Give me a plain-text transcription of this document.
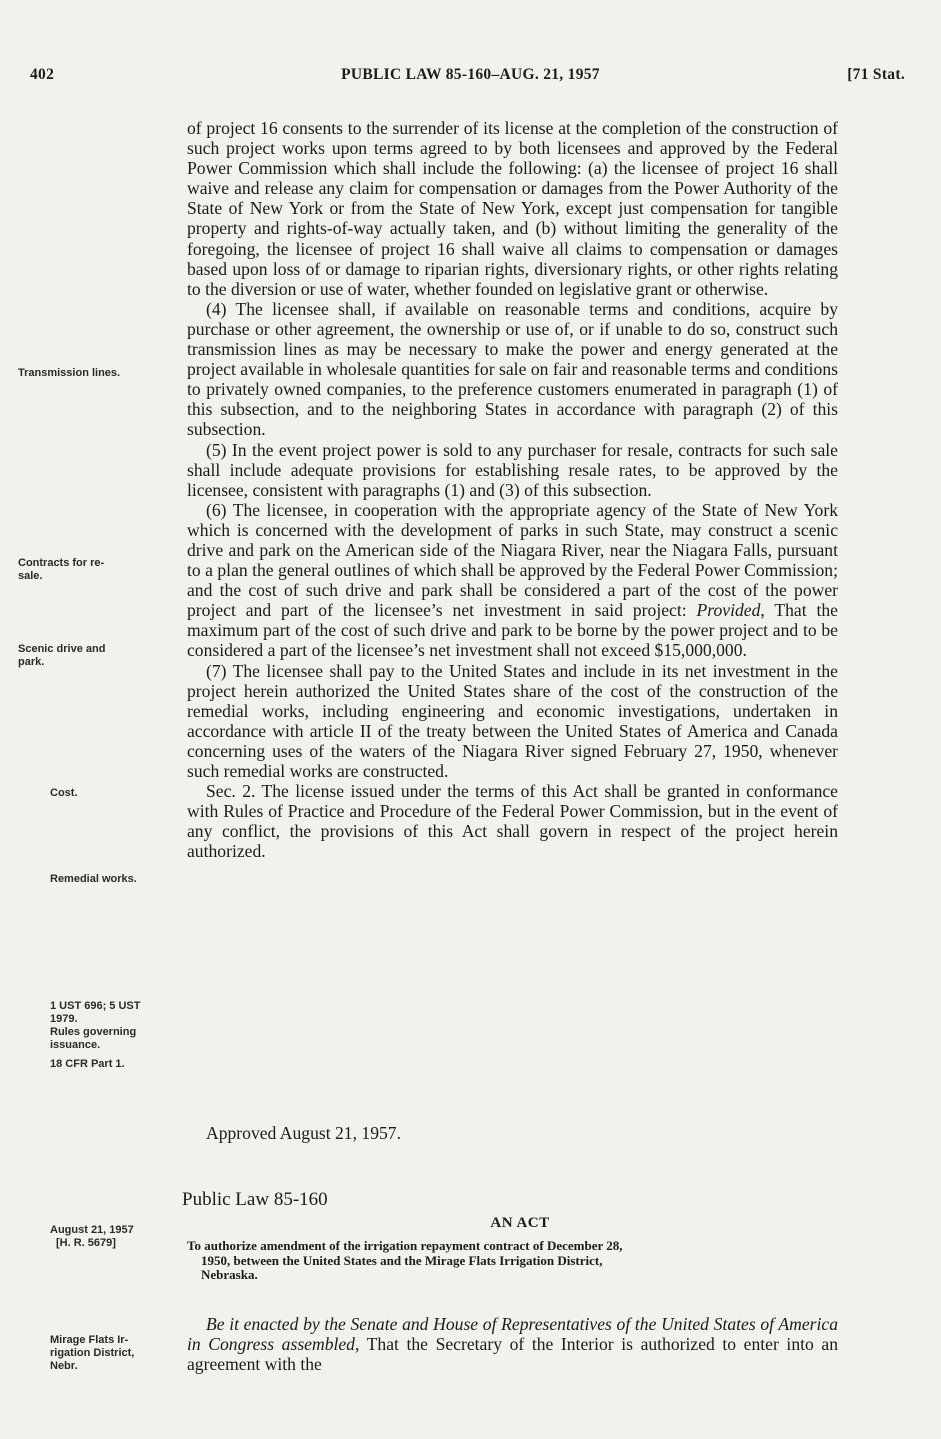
402	PUBLIC LAW 85-160–AUG. 21, 1957	[71 Stat.
Transmission lines.
Contracts for re-
sale.
Scenic drive and
park.
Cost.
Remedial works.
1 UST 696; 5 UST
1979.
Rules governing
issuance.
18 CFR Part 1.
August 21, 1957
[H. R. 5679]
Mirage Flats Ir-
rigation District,
Nebr.

of project 16 consents to the surrender of its license at the completion of the construction of such project works upon terms agreed to by both licensees and approved by the Federal Power Commission which shall include the following: (a) the licensee of project 16 shall waive and release any claim for compensation or damages from the Power Authority of the State of New York or from the State of New York, except just compensation for tangible property and rights-of-way actually taken, and (b) without limiting the generality of the foregoing, the licensee of project 16 shall waive all claims to compensation or damages based upon loss of or damage to riparian rights, diversionary rights, or other rights relating to the diversion or use of water, whether founded on legislative grant or otherwise.

(4) The licensee shall, if available on reasonable terms and conditions, acquire by purchase or other agreement, the ownership or use of, or if unable to do so, construct such transmission lines as may be necessary to make the power and energy generated at the project available in wholesale quantities for sale on fair and reasonable terms and conditions to privately owned companies, to the preference customers enumerated in paragraph (1) of this subsection, and to the neighboring States in accordance with paragraph (2) of this subsection.

(5) In the event project power is sold to any purchaser for resale, contracts for such sale shall include adequate provisions for establishing resale rates, to be approved by the licensee, consistent with paragraphs (1) and (3) of this subsection.

(6) The licensee, in cooperation with the appropriate agency of the State of New York which is concerned with the development of parks in such State, may construct a scenic drive and park on the American side of the Niagara River, near the Niagara Falls, pursuant to a plan the general outlines of which shall be approved by the Federal Power Commission; and the cost of such drive and park shall be considered a part of the cost of the power project and part of the licensee’s net investment in said project: Provided, That the maximum part of the cost of such drive and park to be borne by the power project and to be considered a part of the licensee’s net investment shall not exceed $15,000,000.

(7) The licensee shall pay to the United States and include in its net investment in the project herein authorized the United States share of the cost of the construction of the remedial works, including engineering and economic investigations, undertaken in accordance with article II of the treaty between the United States of America and Canada concerning uses of the waters of the Niagara River signed February 27, 1950, whenever such remedial works are constructed.

Sec. 2. The license issued under the terms of this Act shall be granted in conformance with Rules of Practice and Procedure of the Federal Power Commission, but in the event of any conflict, the provisions of this Act shall govern in respect of the project herein authorized.

Approved August 21, 1957.
Public Law 85-160
AN ACT
To authorize amendment of the irrigation repayment contract of December 28,
1950, between the United States and the Mirage Flats Irrigation District,
Nebraska.

Be it enacted by the Senate and House of Representatives of the United States of America in Congress assembled, That the Secretary of the Interior is authorized to enter into an agreement with the
